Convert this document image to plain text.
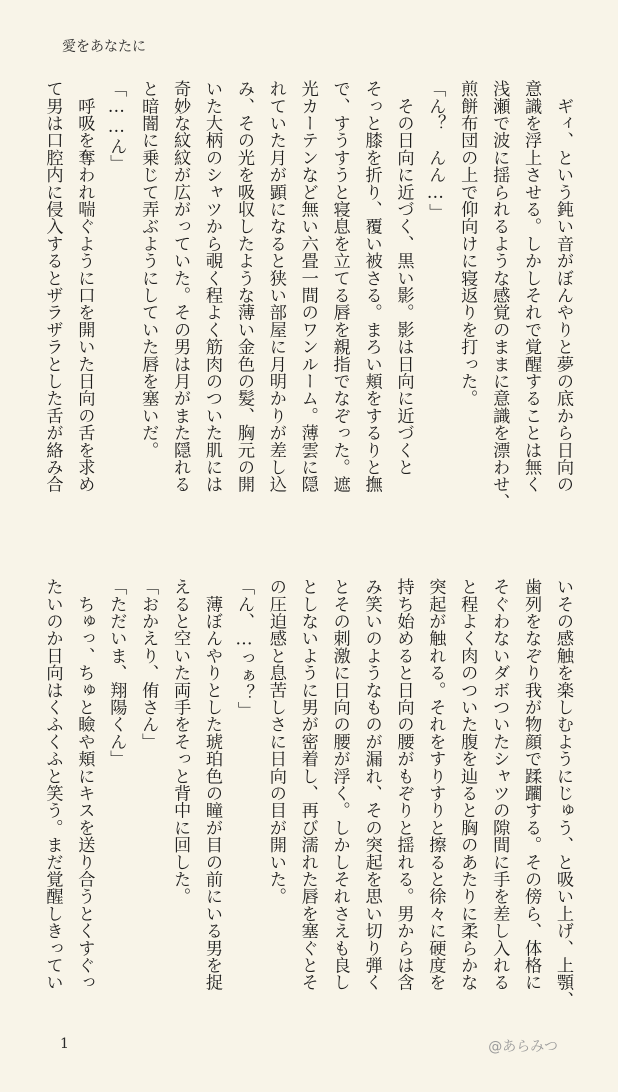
愛をあなたに
　ギィ、という鈍い音がぼんやりと夢の底から日向の
意識を浮上させる。しかしそれで覚醒することは無く
浅瀬で波に揺られるような感覚のままに意識を漂わせ、
煎餅布団の上で仰向けに寝返りを打った。
「ん？　んん…」
　その日向に近づく、黒い影。影は日向に近づくと
そっと膝を折り、覆い被さる。まろい頬をするりと撫
で、すうすうと寝息を立てる唇を親指でなぞった。遮
光カーテンなど無い六畳一間のワンルーム。薄雲に隠
れていた月が顕になると狭い部屋に月明かりが差し込
み、その光を吸収したような薄い金色の髪、胸元の開
いた大柄のシャツから覗く程よく筋肉のついた肌には
奇妙な紋紋が広がっていた。その男は月がまた隠れる
と暗闇に乗じて弄ぶようにしていた唇を塞いだ。
「……ん」
　呼吸を奪われ喘ぐように口を開いた日向の舌を求め
て男は口腔内に侵入するとザラザラとした舌が絡み合
いその感触を楽しむようにじゅう、と吸い上げ、上顎、
歯列をなぞり我が物顔で蹂躙する。その傍ら、体格に
そぐわないダボついたシャツの隙間に手を差し入れる
と程よく肉のついた腹を辿ると胸のあたりに柔らかな
突起が触れる。それをすりすりと擦ると徐々に硬度を
持ち始めると日向の腰がもぞりと揺れる。男からは含
み笑いのようなものが漏れ、その突起を思い切り弾く
とその刺激に日向の腰が浮く。しかしそれさえも良し
としないように男が密着し、再び濡れた唇を塞ぐとそ
の圧迫感と息苦しさに日向の目が開いた。
「ん、…っぁ？」
　薄ぼんやりとした琥珀色の瞳が目の前にいる男を捉
えると空いた両手をそっと背中に回した。
「おかえり、侑さん」
「ただいま、翔陽くん」
　ちゅっ、ちゅと瞼や頬にキスを送り合うとくすぐっ
たいのか日向はくふくふと笑う。まだ覚醒しきってい
1	@あらみつ
